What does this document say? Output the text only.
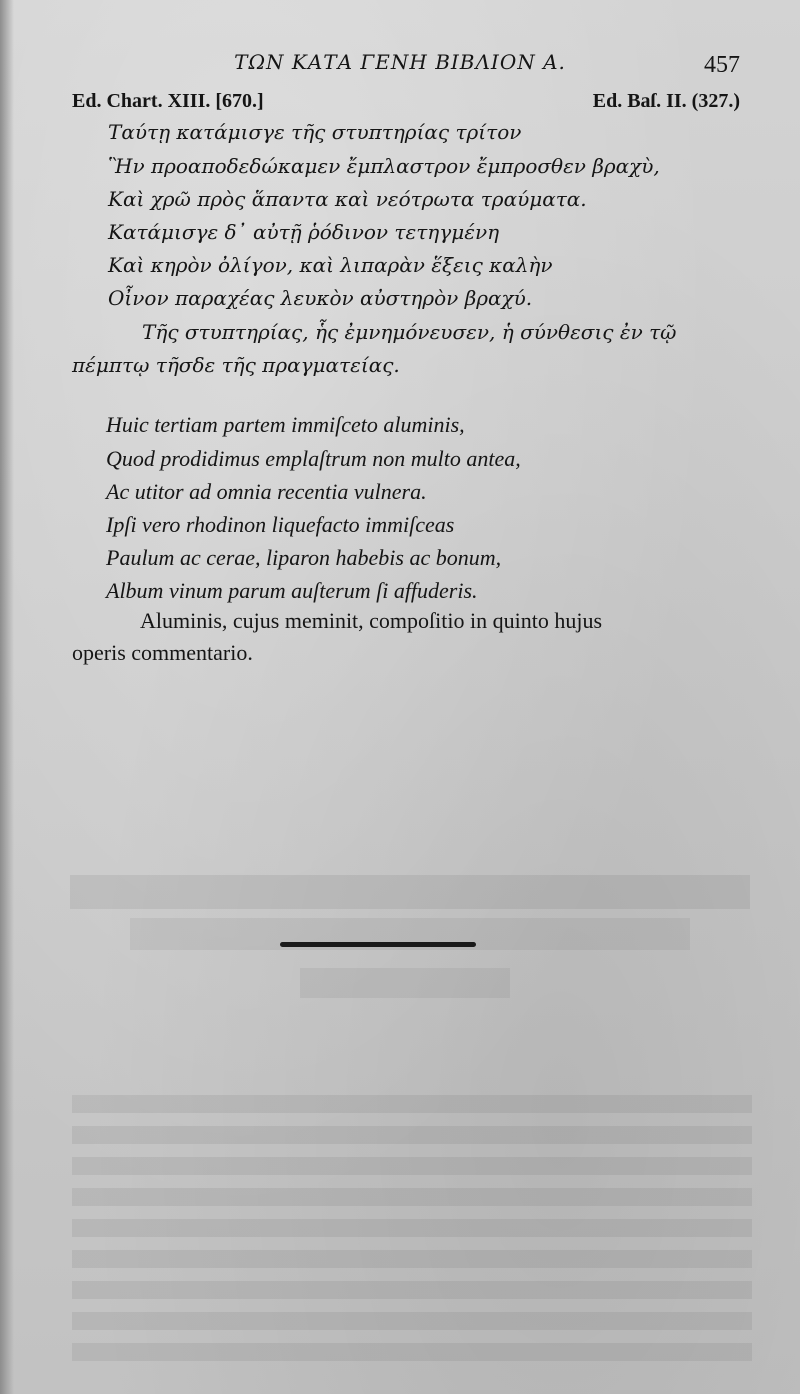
ΤΩΝ ΚΑΤΑ ΓΕΝΗ ΒΙΒΛΙΟΝ Α.	457
Ed. Chart. XIII. [670.]	Ed. Baſ. II. (327.)
Ταύτῃ κατάμισγε τῆς στυπτηρίας τρίτον
Ἣν προαποδεδώκαμεν ἔμπλαστρον ἔμπροσθεν βραχὺ,
Καὶ χρῶ πρὸς ἅπαντα καὶ νεότρωτα τραύματα.
Κατάμισγε δ᾽ αὐτῇ ῥόδινον τετηγμένη
Καὶ κηρὸν ὀλίγον, καὶ λιπαρὰν ἕξεις καλὴν
Οἶνον παραχέας λευκὸν αὐστηρὸν βραχύ.
Τῆς στυπτηρίας, ἧς ἐμνημόνευσεν, ἡ σύνθεσις ἐν τῷ
πέμπτῳ τῆσδε τῆς πραγματείας.
Huic tertiam partem immiſceto aluminis,
Quod prodidimus emplaſtrum non multo antea,
Ac utitor ad omnia recentia vulnera.
Ipſi vero rhodinon liquefacto immiſceas
Paulum ac cerae, liparon habebis ac bonum,
Album vinum parum auſterum ſi affuderis.
Aluminis, cujus meminit, compoſitio in quinto hujus
operis commentario.
